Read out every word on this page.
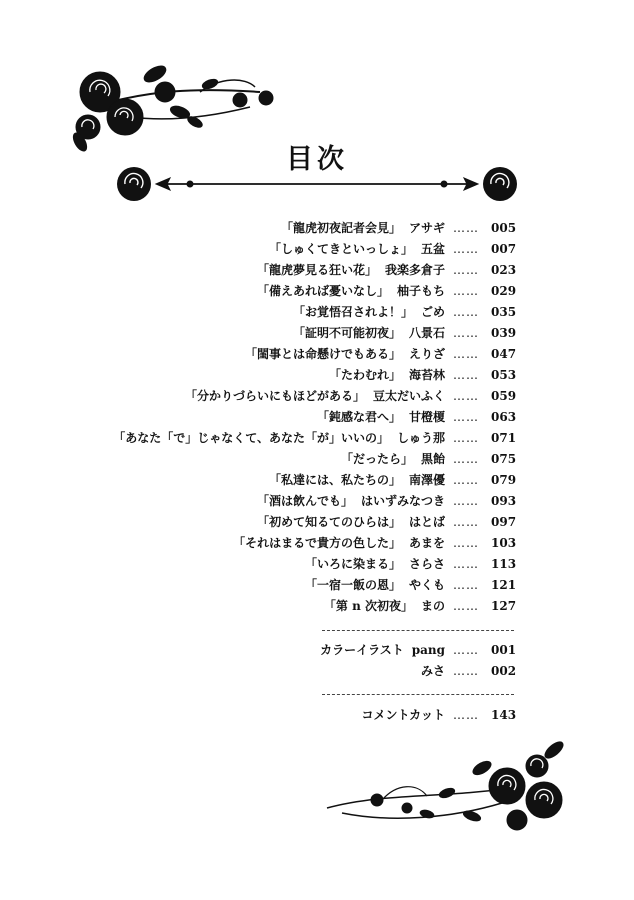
目次
「龍虎初夜記者会見」 アサギ …… 005
「しゅくてきといっしょ」 五盆 …… 007
「龍虎夢見る狂い花」 我楽多倉子 …… 023
「備えあれば憂いなし」 柚子もち …… 029
「お覚悟召されよ！」 ごめ …… 035
「証明不可能初夜」 八景石 …… 039
「閨事とは命懸けでもある」 えりざ …… 047
「たわむれ」 海苔林 …… 053
「分かりづらいにもほどがある」 豆太だいふく …… 059
「鈍感な君へ」 甘橙榎 …… 063
「あなた「で」じゃなくて、あなた「が」いいの」 しゅう那 …… 071
「だったら」 黒飴 …… 075
「私達には、私たちの」 南澤優 …… 079
「酒は飲んでも」 はいずみなつき …… 093
「初めて知るてのひらは」 はとば …… 097
「それはまるで貴方の色した」 あまを …… 103
「いろに染まる」 さらさ …… 113
「一宿一飯の恩」 やくも …… 121
「第 n 次初夜」 まの …… 127
カラーイラスト pang …… 001
みさ …… 002
コメントカット …… 143
